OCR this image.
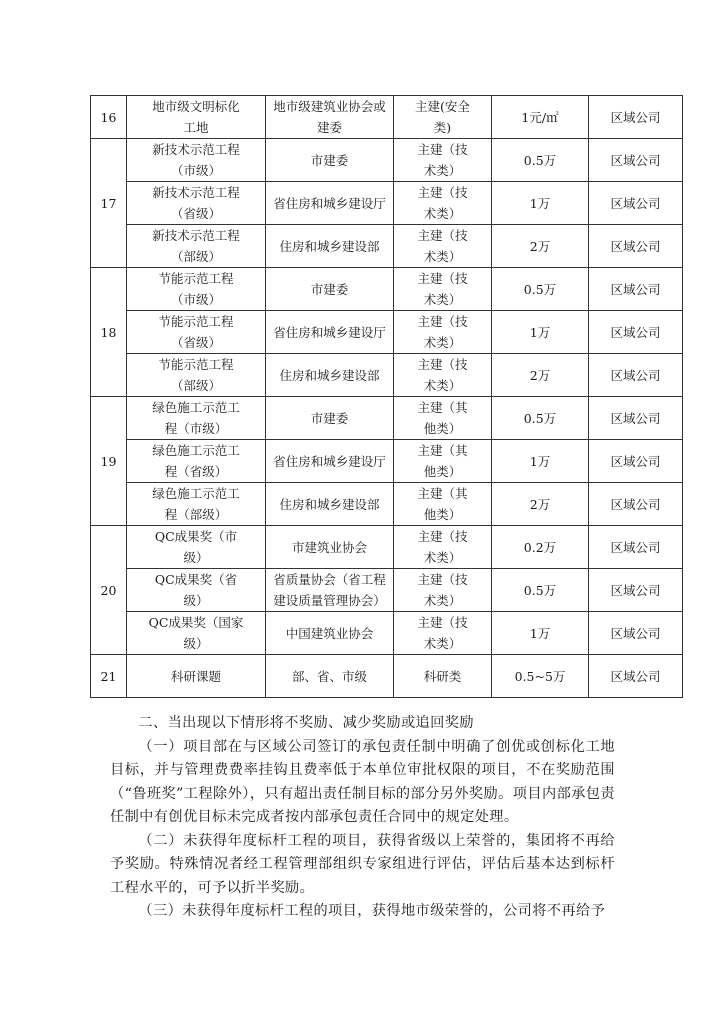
16	地市级文明标化工地	地市级建筑业协会或建委	主建(安全类)	1元/㎡	区域公司
17	新技术示范工程（市级）	市建委	主建（技术类）	0.5万	区域公司
	新技术示范工程（省级）	省住房和城乡建设厅	主建（技术类）	1万	区域公司
	新技术示范工程（部级）	住房和城乡建设部	主建（技术类）	2万	区域公司
18	节能示范工程（市级）	市建委	主建（技术类）	0.5万	区域公司
	节能示范工程（省级）	省住房和城乡建设厅	主建（技术类）	1万	区域公司
	节能示范工程（部级）	住房和城乡建设部	主建（技术类）	2万	区域公司
19	绿色施工示范工程（市级）	市建委	主建（其他类）	0.5万	区域公司
	绿色施工示范工程（省级）	省住房和城乡建设厅	主建（其他类）	1万	区域公司
	绿色施工示范工程（部级）	住房和城乡建设部	主建（其他类）	2万	区域公司
20	QC成果奖（市级）	市建筑业协会	主建（技术类）	0.2万	区域公司
	QC成果奖（省级）	省质量协会（省工程建设质量管理协会）	主建（技术类）	0.5万	区域公司
	QC成果奖（国家级）	中国建筑业协会	主建（技术类）	1万	区域公司
21	科研课题	部、省、市级	科研类	0.5~5万	区域公司

二、当出现以下情形将不奖励、减少奖励或追回奖励

（一）项目部在与区域公司签订的承包责任制中明确了创优或创标化工地目标，并与管理费费率挂钩且费率低于本单位审批权限的项目，不在奖励范围（“鲁班奖”工程除外），只有超出责任制目标的部分另外奖励。项目内部承包责任制中有创优目标未完成者按内部承包责任合同中的规定处理。

（二）未获得年度标杆工程的项目，获得省级以上荣誉的，集团将不再给予奖励。特殊情况者经工程管理部组织专家组进行评估，评估后基本达到标杆工程水平的，可予以折半奖励。

（三）未获得年度标杆工程的项目，获得地市级荣誉的，公司将不再给予
